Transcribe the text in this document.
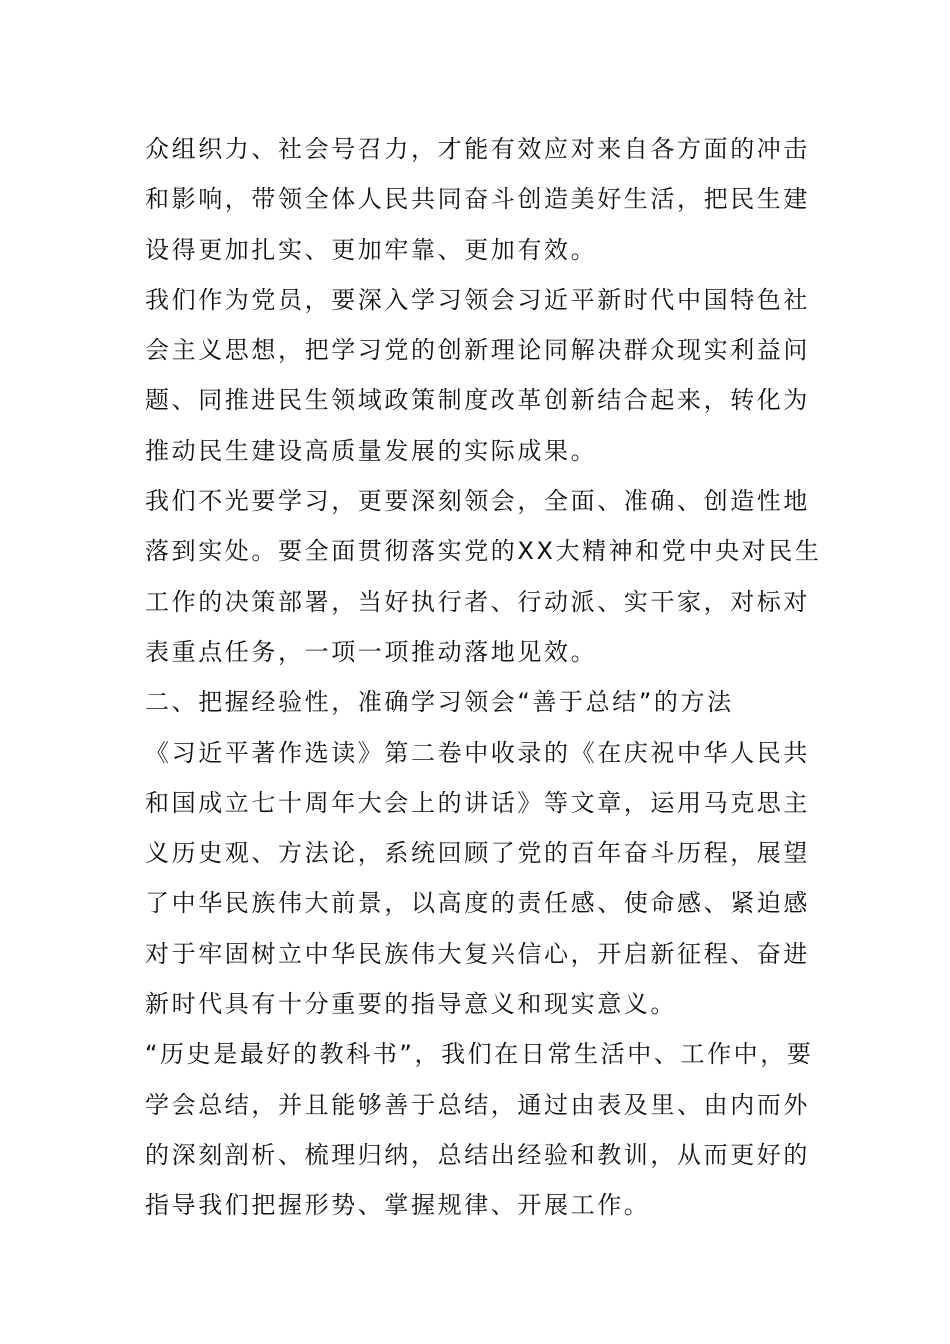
众组织力、社会号召力，才能有效应对来自各方面的冲击
和影响，带领全体人民共同奋斗创造美好生活，把民生建
设得更加扎实、更加牢靠、更加有效。
我们作为党员，要深入学习领会习近平新时代中国特色社
会主义思想，把学习党的创新理论同解决群众现实利益问
题、同推进民生领域政策制度改革创新结合起来，转化为
推动民生建设高质量发展的实际成果。
我们不光要学习，更要深刻领会，全面、准确、创造性地
落到实处。要全面贯彻落实党的XX大精神和党中央对民生
工作的决策部署，当好执行者、行动派、实干家，对标对
表重点任务，一项一项推动落地见效。
二、把握经验性，准确学习领会“善于总结”的方法
《习近平著作选读》第二卷中收录的《在庆祝中华人民共
和国成立七十周年大会上的讲话》等文章，运用马克思主
义历史观、方法论，系统回顾了党的百年奋斗历程，展望
了中华民族伟大前景，以高度的责任感、使命感、紧迫感
对于牢固树立中华民族伟大复兴信心，开启新征程、奋进
新时代具有十分重要的指导意义和现实意义。
“历史是最好的教科书”，我们在日常生活中、工作中，要
学会总结，并且能够善于总结，通过由表及里、由内而外
的深刻剖析、梳理归纳，总结出经验和教训，从而更好的
指导我们把握形势、掌握规律、开展工作。
